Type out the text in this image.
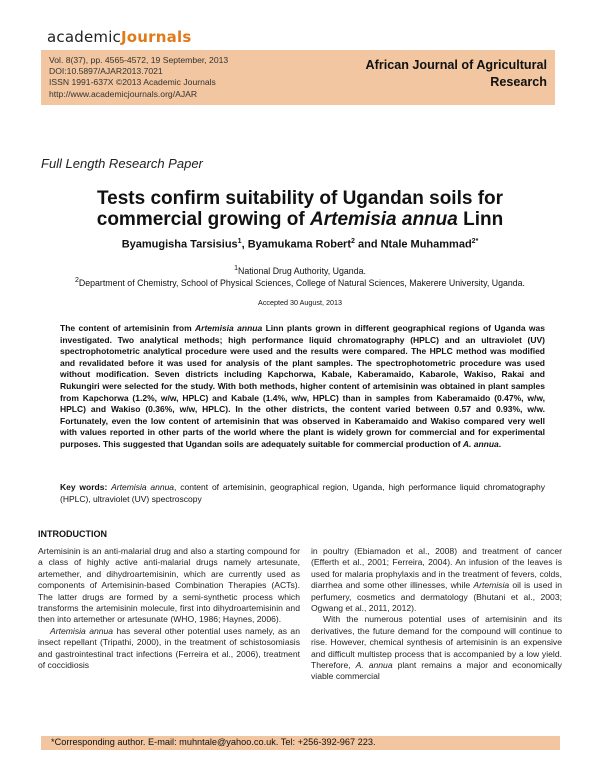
academicJournals
Vol. 8(37), pp. 4565-4572, 19 September, 2013
DOI:10.5897/AJAR2013.7021
ISSN 1991-637X ©2013 Academic Journals
http://www.academicjournals.org/AJAR
African Journal of Agricultural Research
Full Length Research Paper
Tests confirm suitability of Ugandan soils for
commercial growing of Artemisia annua Linn
Byamugisha Tarsisius$^1$, Byamukama Robert$^2$ and Ntale Muhammad$^{2*}$
$^1$National Drug Authority, Uganda.
$^2$Department of Chemistry, School of Physical Sciences, College of Natural Sciences, Makerere University, Uganda.
Accepted 30 August, 2013
The content of artemisinin from Artemisia annua Linn plants grown in different geographical regions of Uganda was investigated. Two analytical methods; high performance liquid chromatography (HPLC) and an ultraviolet (UV) spectrophotometric analytical procedure were used and the results were compared. The HPLC method was modified and revalidated before it was used for analysis of the plant samples. The spectrophotometric procedure was used without modification. Seven districts including Kapchorwa, Kabale, Kaberamaido, Kabarole, Wakiso, Rakai and Rukungiri were selected for the study. With both methods, higher content of artemisinin was obtained in plant samples from Kapchorwa (1.2%, w/w, HPLC) and Kabale (1.4%, w/w, HPLC) than in samples from Kaberamaido (0.47%, w/w, HPLC) and Wakiso (0.36%, w/w, HPLC). In the other districts, the content varied between 0.57 and 0.93%, w/w. Fortunately, even the low content of artemisinin that was observed in Kaberamaido and Wakiso compared very well with values reported in other parts of the world where the plant is widely grown for commercial and for experimental purposes. This suggested that Ugandan soils are adequately suitable for commercial production of A. annua.
Key words: Artemisia annua, content of artemisinin, geographical region, Uganda, high performance liquid chromatography (HPLC), ultraviolet (UV) spectroscopy
INTRODUCTION

Artemisinin is an anti-malarial drug and also a starting compound for a class of highly active anti-malarial drugs namely artesunate, artemether, and dihydroartemisinin, which are currently used as components of Artemisinin-based Combination Therapies (ACTs). The latter drugs are formed by a semi-synthetic process which transforms the artemisinin molecule, first into dihydroartemisinin and then into artemether or artesunate (WHO, 1986; Haynes, 2006).

Artemisia annua has several other potential uses namely, as an insect repellant (Tripathi, 2000), in the treatment of schistosomiasis and gastrointestinal tract infections (Ferreira et al., 2006), treatment of coccidiosis

in poultry (Ebiamadon et al., 2008) and treatment of cancer (Efferth et al., 2001; Ferreira, 2004). An infusion of the leaves is used for malaria prophylaxis and in the treatment of fevers, colds, diarrhea and some other illinesses, while Artemisia oil is used in perfumery, cosmetics and dermatology (Bhutani et al., 2003; Ogwang et al., 2011, 2012).

With the numerous potential uses of artemisinin and its derivatives, the future demand for the compound will continue to rise. However, chemical synthesis of artemisinin is an expensive and difficult multistep process that is accompanied by a low yield. Therefore, A. annua plant remains a major and economically viable commercial

*Corresponding author. E-mail: muhntale@yahoo.co.uk. Tel: +256-392-967 223.
